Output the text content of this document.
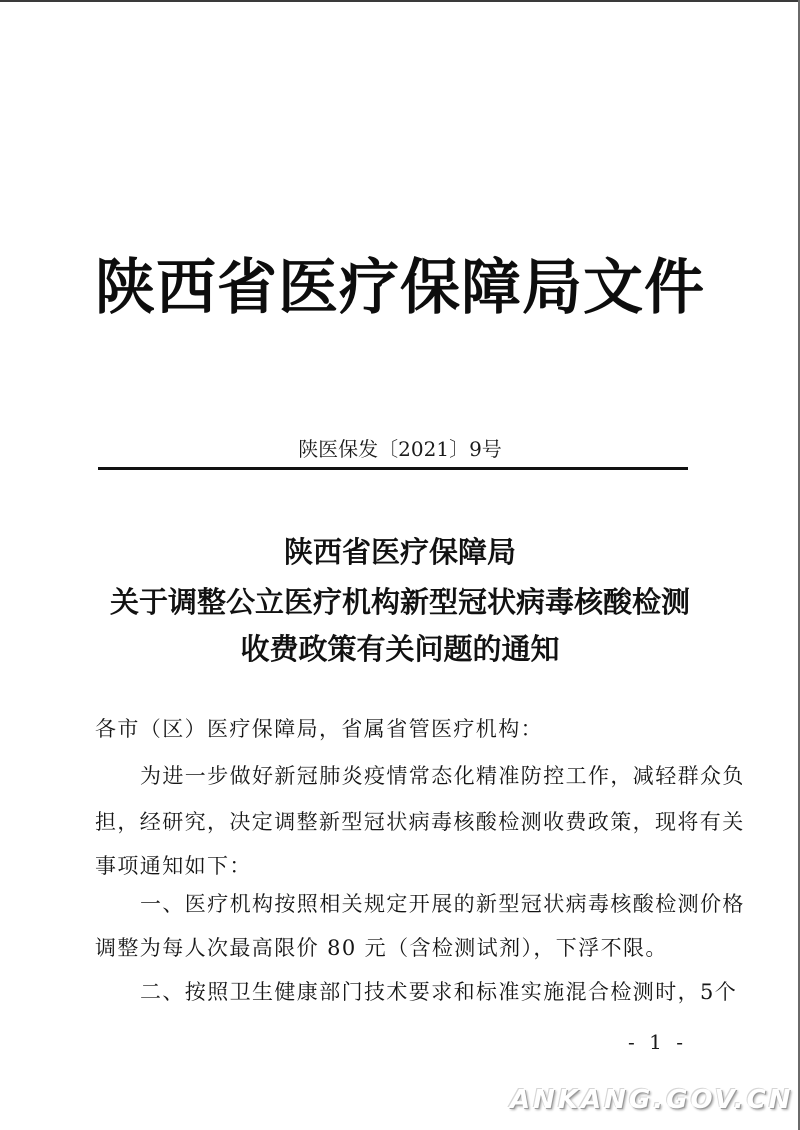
陕西省医疗保障局文件
陕医保发〔2021〕9号
陕西省医疗保障局
关于调整公立医疗机构新型冠状病毒核酸检测
收费政策有关问题的通知
各市（区）医疗保障局，省属省管医疗机构：
为进一步做好新冠肺炎疫情常态化精准防控工作，减轻群众负
担，经研究，决定调整新型冠状病毒核酸检测收费政策，现将有关
事项通知如下：
一、医疗机构按照相关规定开展的新型冠状病毒核酸检测价格
调整为每人次最高限价 80 元（含检测试剂），下浮不限。
二、按照卫生健康部门技术要求和标准实施混合检测时，5个
- 1 -
ANKANG.GOV.CN
